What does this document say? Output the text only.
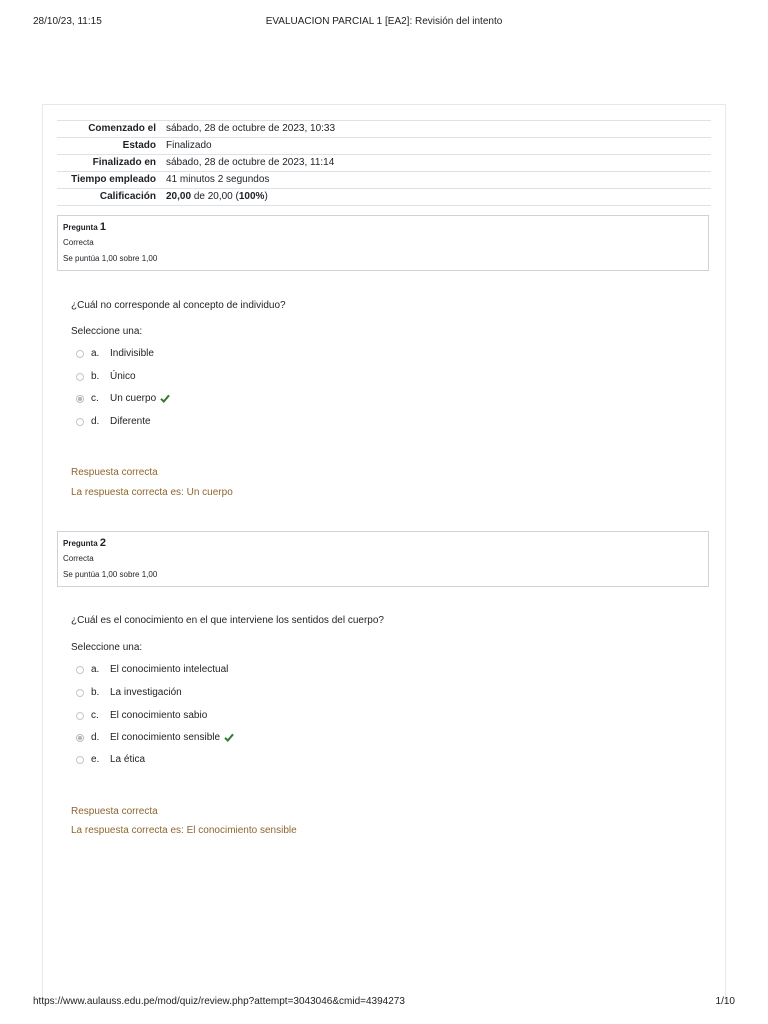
28/10/23, 11:15	EVALUACION PARCIAL 1 [EA2]: Revisión del intento
Comenzado el	sábado, 28 de octubre de 2023, 10:33
Estado	Finalizado
Finalizado en	sábado, 28 de octubre de 2023, 11:14
Tiempo empleado	41 minutos 2 segundos
Calificación	20,00 de 20,00 (100%)
Pregunta 1
Correcta
Se puntúa 1,00 sobre 1,00
¿Cuál no corresponde al concepto de individuo?
Seleccione una:
a.	Indivisible
b.	Único
c.	Un cuerpo
d.	Diferente
Respuesta correcta
La respuesta correcta es: Un cuerpo
Pregunta 2
Correcta
Se puntúa 1,00 sobre 1,00
¿Cuál es el conocimiento en el que interviene los sentidos del cuerpo?
Seleccione una:
a.	El conocimiento intelectual
b.	La investigación
c.	El conocimiento sabio
d.	El conocimiento sensible
e.	La ética
Respuesta correcta
La respuesta correcta es: El conocimiento sensible
https://www.aulauss.edu.pe/mod/quiz/review.php?attempt=3043046&cmid=4394273	1/10
